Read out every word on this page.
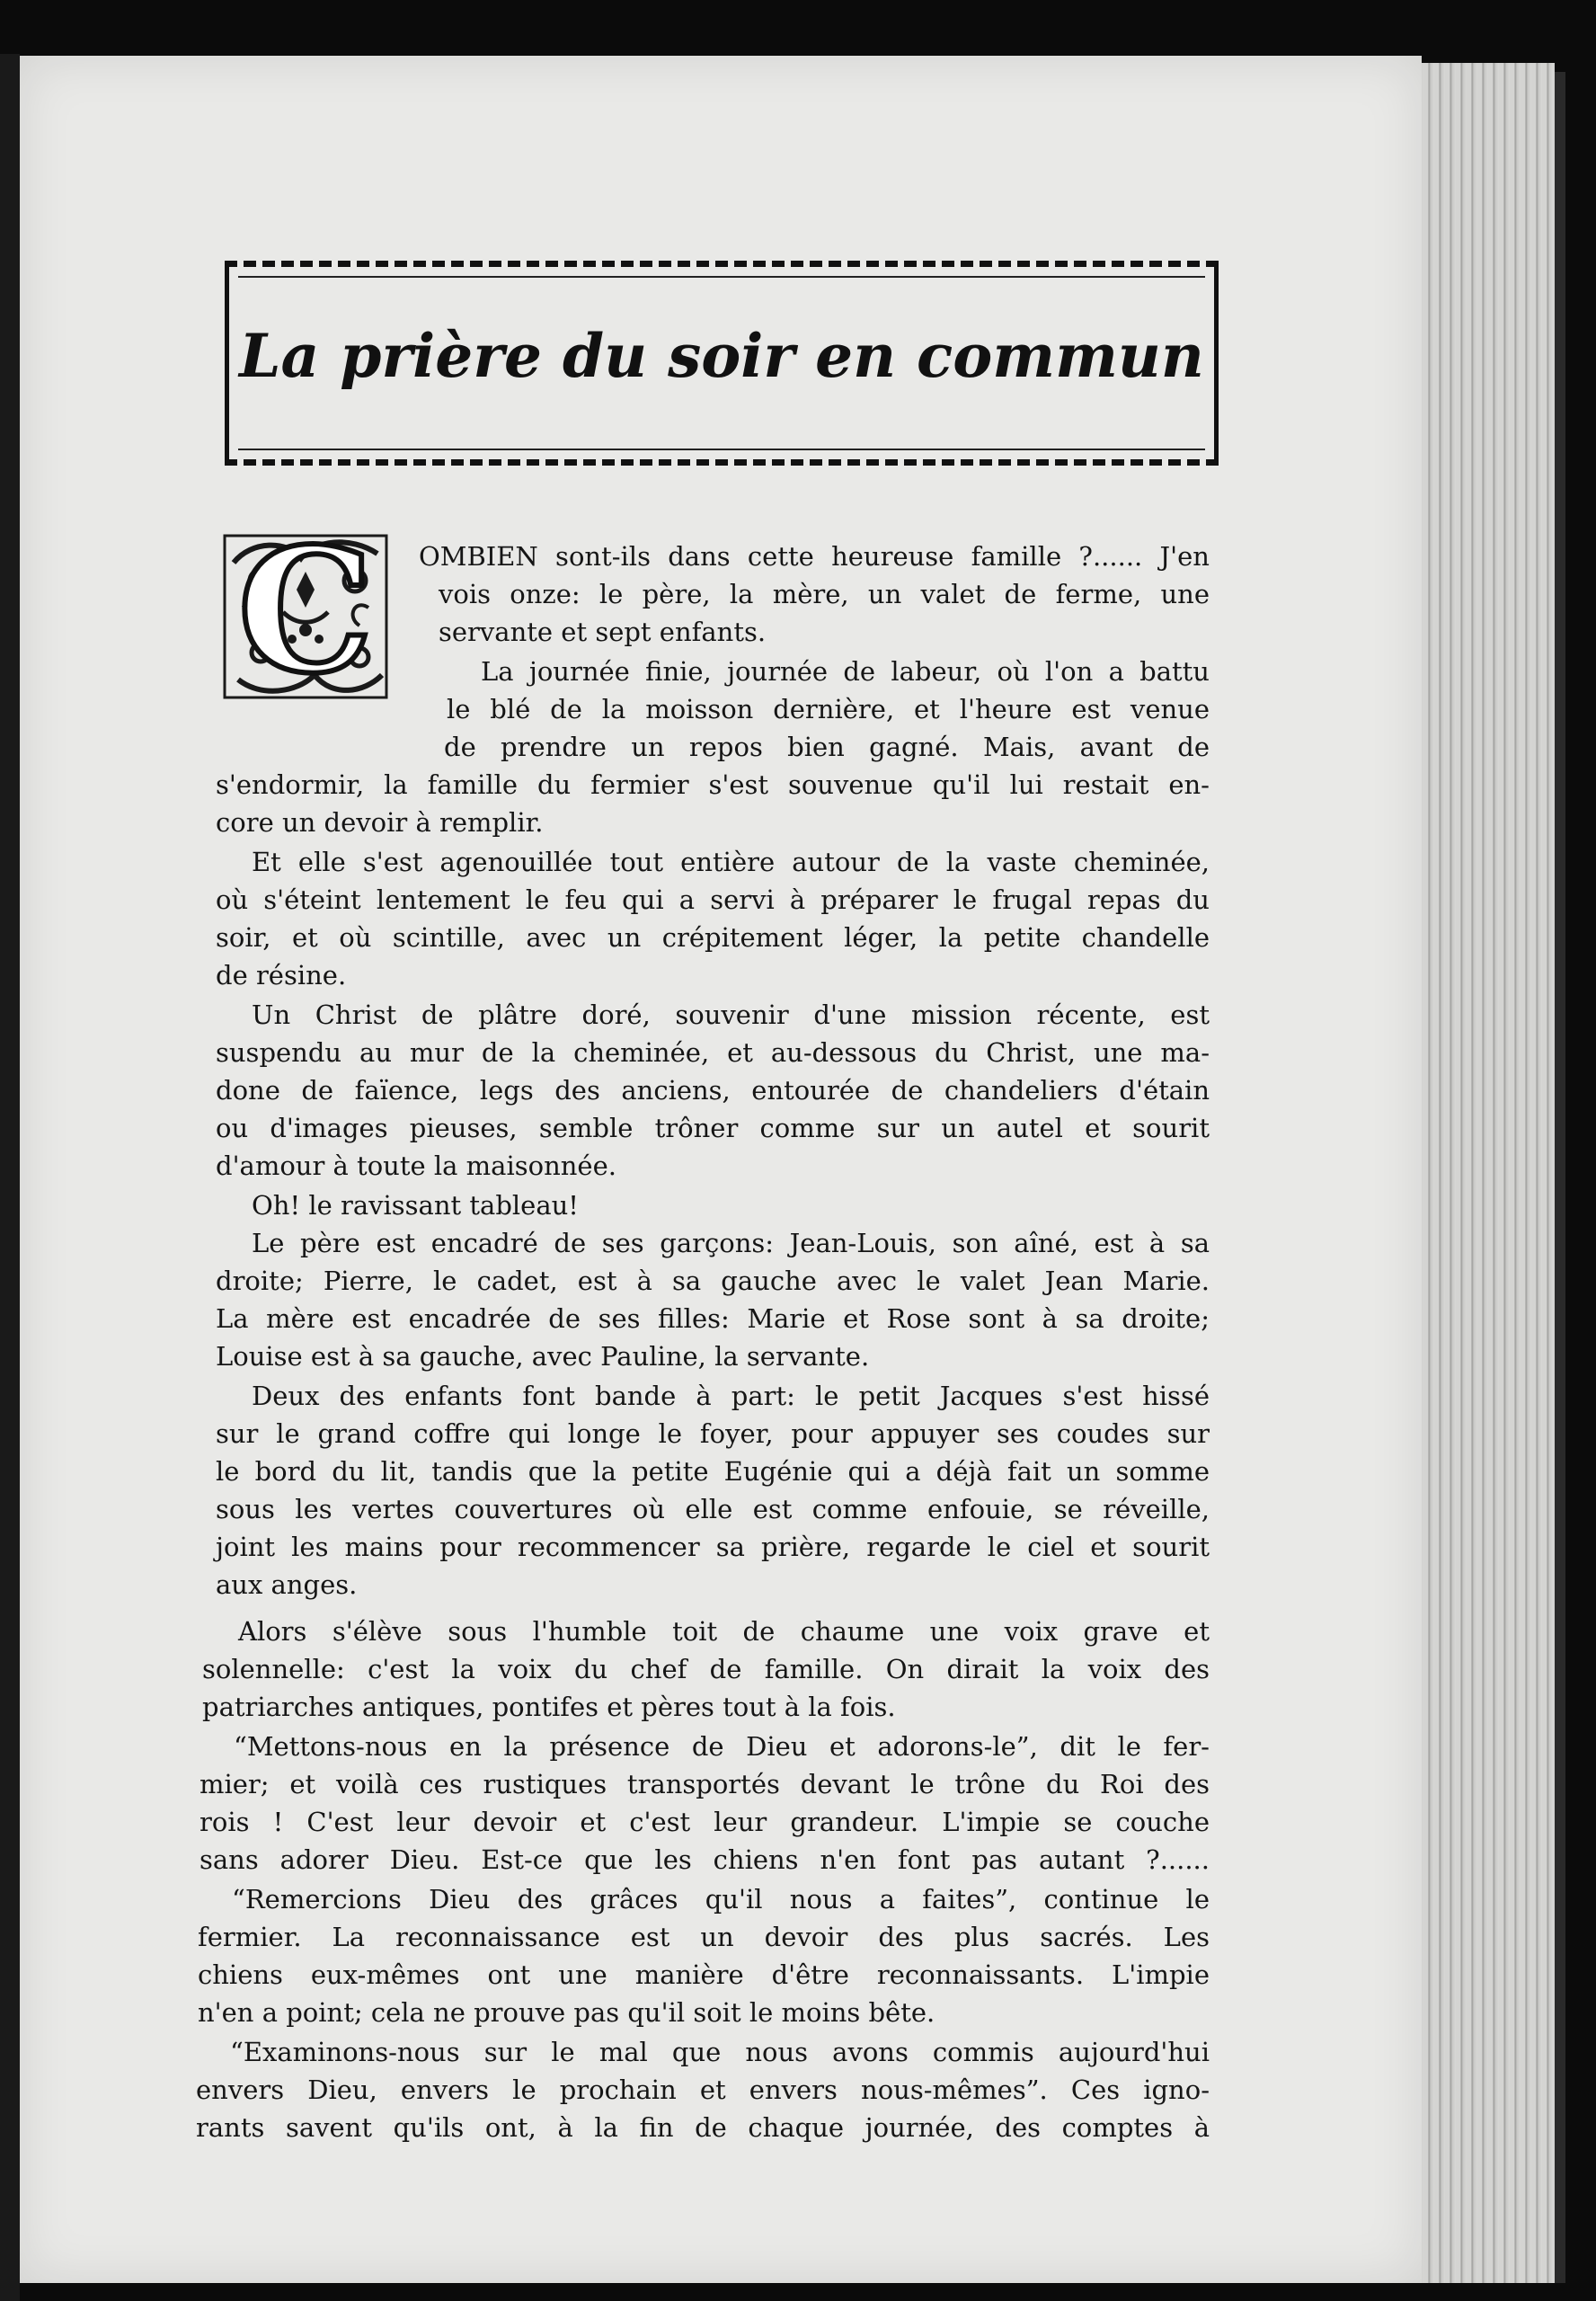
La prière du soir en commun
C OMBIEN sont-ils dans cette heureuse famille ?...... J'en
vois onze: le père, la mère, un valet de ferme, une
servante et sept enfants.
La journée finie, journée de labeur, où l'on a battu
le blé de la moisson dernière, et l'heure est venue
de prendre un repos bien gagné. Mais, avant de
s'endormir, la famille du fermier s'est souvenue qu'il lui restait en-
core un devoir à remplir.
Et elle s'est agenouillée tout entière autour de la vaste cheminée,
où s'éteint lentement le feu qui a servi à préparer le frugal repas du
soir, et où scintille, avec un crépitement léger, la petite chandelle
de résine.
Un Christ de plâtre doré, souvenir d'une mission récente, est
suspendu au mur de la cheminée, et au-dessous du Christ, une ma-
done de faïence, legs des anciens, entourée de chandeliers d'étain
ou d'images pieuses, semble trôner comme sur un autel et sourit
d'amour à toute la maisonnée.
Oh! le ravissant tableau!
Le père est encadré de ses garçons: Jean-Louis, son aîné, est à sa
droite; Pierre, le cadet, est à sa gauche avec le valet Jean Marie.
La mère est encadrée de ses filles: Marie et Rose sont à sa droite;
Louise est à sa gauche, avec Pauline, la servante.
Deux des enfants font bande à part: le petit Jacques s'est hissé
sur le grand coffre qui longe le foyer, pour appuyer ses coudes sur
le bord du lit, tandis que la petite Eugénie qui a déjà fait un somme
sous les vertes couvertures où elle est comme enfouie, se réveille,
joint les mains pour recommencer sa prière, regarde le ciel et sourit
aux anges.
Alors s'élève sous l'humble toit de chaume une voix grave et
solennelle: c'est la voix du chef de famille. On dirait la voix des
patriarches antiques, pontifes et pères tout à la fois.
“Mettons-nous en la présence de Dieu et adorons-le”, dit le fer-
mier; et voilà ces rustiques transportés devant le trône du Roi des
rois ! C'est leur devoir et c'est leur grandeur. L'impie se couche
sans adorer Dieu. Est-ce que les chiens n'en font pas autant ?......
“Remercions Dieu des grâces qu'il nous a faites”, continue le
fermier. La reconnaissance est un devoir des plus sacrés. Les
chiens eux-mêmes ont une manière d'être reconnaissants. L'impie
n'en a point; cela ne prouve pas qu'il soit le moins bête.
“Examinons-nous sur le mal que nous avons commis aujourd'hui
envers Dieu, envers le prochain et envers nous-mêmes”. Ces igno-
rants savent qu'ils ont, à la fin de chaque journée, des comptes à
